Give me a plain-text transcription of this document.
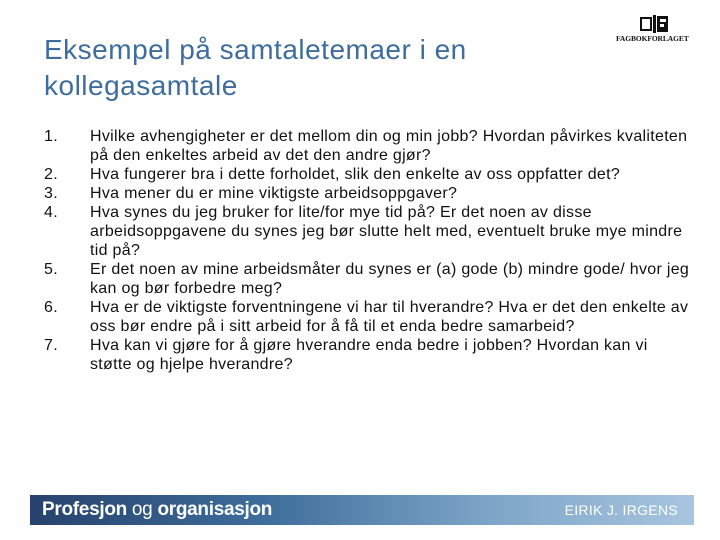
Eksempel på samtaletemaer i en
kollegasamtale
FAGBOKFORLAGET
1.	Hvilke avhengigheter er det mellom din og min jobb? Hvordan påvirkes kvaliteten på den enkeltes arbeid av det den andre gjør?
2.	Hva fungerer bra i dette forholdet, slik den enkelte av oss oppfatter det?
3.	Hva mener du er mine viktigste arbeidsoppgaver?
4.	Hva synes du jeg bruker for lite/for mye tid på? Er det noen av disse arbeidsoppgavene du synes jeg bør slutte helt med, eventuelt bruke mye mindre tid på?
5.	Er det noen av mine arbeidsmåter du synes er (a) gode (b) mindre gode/ hvor jeg kan og bør forbedre meg?
6.	Hva er de viktigste forventningene vi har til hverandre? Hva er det den enkelte av oss bør endre på i sitt arbeid for å få til et enda bedre samarbeid?
7.	Hva kan vi gjøre for å gjøre hverandre enda bedre i jobben? Hvordan kan vi støtte og hjelpe hverandre?
Profesjon og organisasjon	EIRIK J. IRGENS
